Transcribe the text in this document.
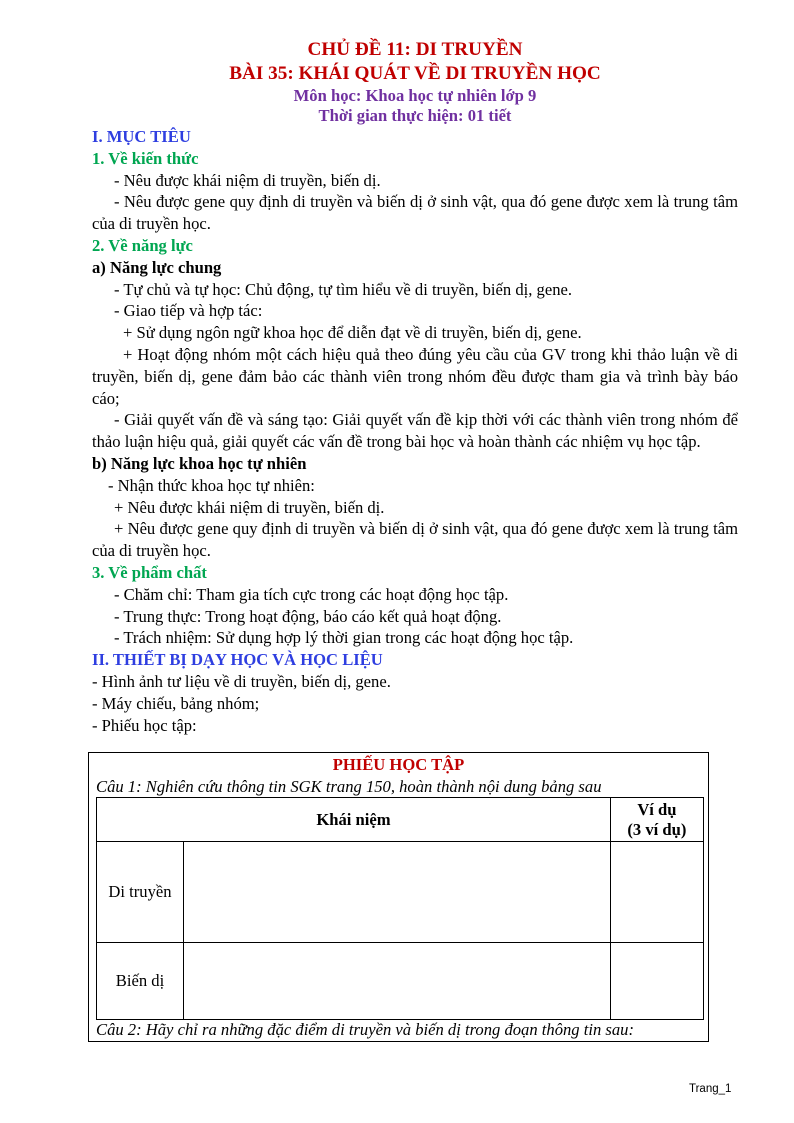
CHỦ ĐỀ 11: DI TRUYỀN
BÀI 35: KHÁI QUÁT VỀ DI TRUYỀN HỌC
Môn học: Khoa học tự nhiên lớp 9
Thời gian thực hiện: 01 tiết
I. MỤC TIÊU
1. Về kiến thức
- Nêu được khái niệm di truyền, biến dị.
- Nêu được gene quy định di truyền và biến dị ở sinh vật, qua đó gene được xem là trung tâm của di truyền học.
2. Về năng lực
a) Năng lực chung
- Tự chủ và tự học: Chủ động, tự tìm hiểu về di truyền, biến dị, gene.
- Giao tiếp và hợp tác:
+ Sử dụng ngôn ngữ khoa học để diễn đạt về di truyền, biến dị, gene.
+ Hoạt động nhóm một cách hiệu quả theo đúng yêu cầu của GV trong khi thảo luận về di truyền, biến dị, gene đảm bảo các thành viên trong nhóm đều được tham gia và trình bày báo cáo;
- Giải quyết vấn đề và sáng tạo: Giải quyết vấn đề kịp thời với các thành viên trong nhóm để thảo luận hiệu quả, giải quyết các vấn đề trong bài học và hoàn thành các nhiệm vụ học tập.
b) Năng lực khoa học tự nhiên
- Nhận thức khoa học tự nhiên:
+ Nêu được khái niệm di truyền, biến dị.
+ Nêu được gene quy định di truyền và biến dị ở sinh vật, qua đó gene được xem là trung tâm của di truyền học.
3. Về phẩm chất
- Chăm chỉ: Tham gia tích cực trong các hoạt động học tập.
- Trung thực: Trong hoạt động, báo cáo kết quả hoạt động.
- Trách nhiệm: Sử dụng hợp lý thời gian trong các hoạt động học tập.
II. THIẾT BỊ DẠY HỌC VÀ HỌC LIỆU
- Hình ảnh tư liệu về di truyền, biến dị, gene.
- Máy chiếu, bảng nhóm;
- Phiếu học tập:
PHIẾU HỌC TẬP
Câu 1: Nghiên cứu thông tin SGK trang 150, hoàn thành nội dung bảng sau
Khái niệm		Ví dụ
(3 ví dụ)

Di truyền		
Biến dị		
Câu 2: Hãy chỉ ra những đặc điểm di truyền và biến dị trong đoạn thông tin sau:
Trang_1
